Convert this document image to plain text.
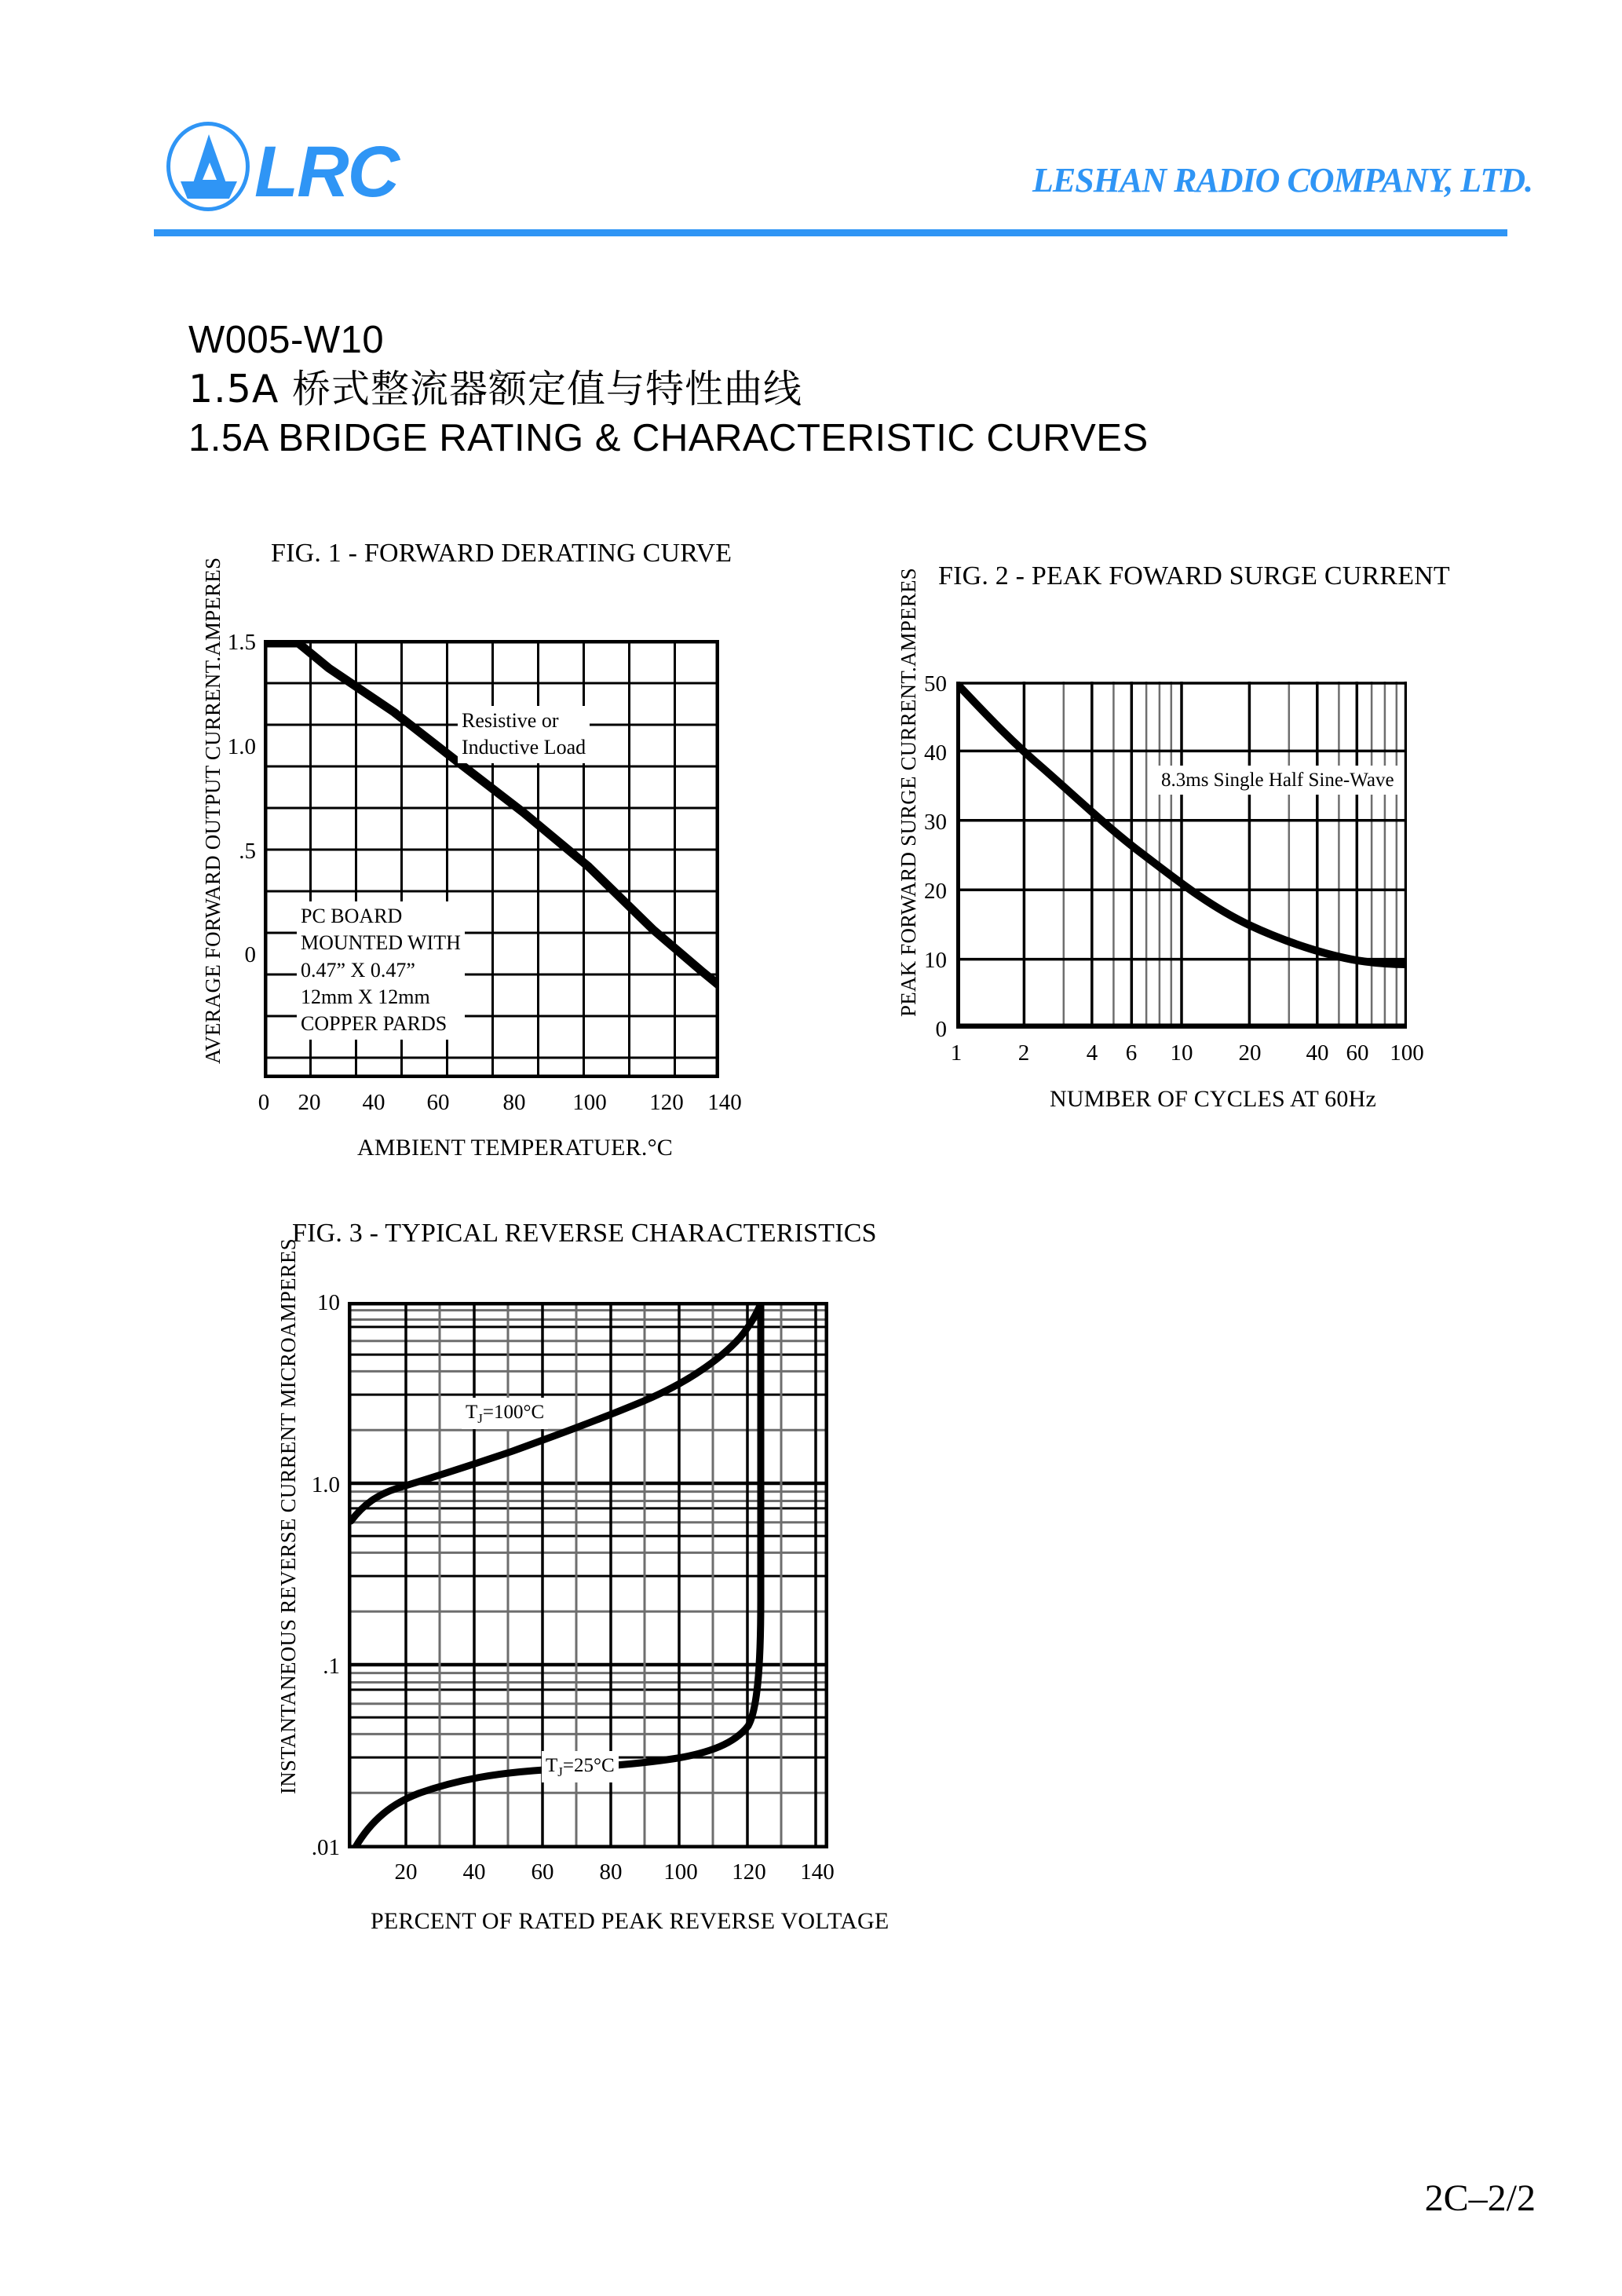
LRC	LESHAN RADIO COMPANY, LTD.
W005-W10
1.5A 桥式整流器额定值与特性曲线
1.5A BRIDGE RATING & CHARACTERISTIC CURVES
FIG. 1 - FORWARD DERATING CURVE
AVERAGE FORWARD OUTPUT CURRENT.AMPERES 1.5
1.0
.5
0
Resistive or
Inductive Load
PC BOARD
MOUNTED WITH
0.47” X 0.47”
12mm X 12mm
COPPER PARDS
0	20	40	60	80	100	120	140
AMBIENT TEMPERATUER.°C
FIG. 2 - PEAK FOWARD SURGE CURRENT
PEAK FORWARD SURGE CURRENT.AMPERES 50
40
30
20
10
0
8.3ms Single Half Sine-Wave
1	2	4	6	10	20	40 60 100
NUMBER OF CYCLES AT 60Hz
FIG. 3 - TYPICAL REVERSE CHARACTERISTICS
INSTANTANEOUS REVERSE CURRENT MICROAMPERES 10
1.0
.1
.01
$T_J=100^\circ C$
$T_J=25^\circ C$
20	40	60	80	100	120	140
PERCENT OF RATED PEAK REVERSE VOLTAGE
2C–2/2
